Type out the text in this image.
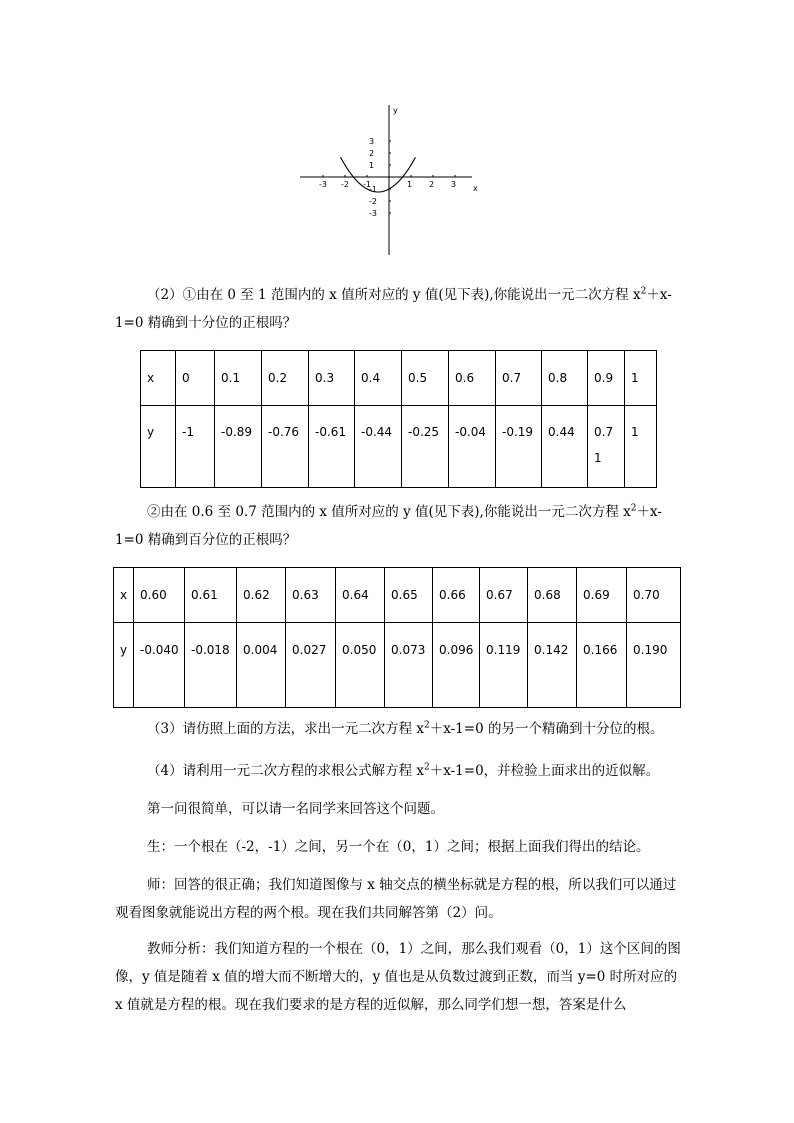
y
x
-1
-2
-3	1 2 3
3
2
1
-1
-2
-3

（2）①由在 0 至 1 范围内的 x 值所对应的 y 值(见下表),你能说出一元二次方程 $x^2+x-1=0$ 精确到十分位的正根吗？

x	0	0.1	0.2	0.3	0.4	0.5	0.6	0.7	0.8	0.9	1
y	-1	-0.89	-0.76	-0.61	-0.44	-0.25	-0.04	-0.19	0.44	0.71	1

②由在 0.6 至 0.7 范围内的 x 值所对应的 y 值(见下表),你能说出一元二次方程 $x^2+x-1=0$ 精确到百分位的正根吗？

x	0.60	0.61	0.62	0.63	0.64	0.65	0.66	0.67	0.68	0.69	0.70
y	-0.040	-0.018	0.004	0.027	0.050	0.073	0.096	0.119	0.142	0.166	0.190

（3）请仿照上面的方法，求出一元二次方程 $x^2+x-1=0$ 的另一个精确到十分位的根。

（4）请利用一元二次方程的求根公式解方程 $x^2+x-1=0$，并检验上面求出的近似解。

第一问很简单，可以请一名同学来回答这个问题。

生：一个根在（-2，-1）之间，另一个在（0，1）之间；根据上面我们得出的结论。

师：回答的很正确；我们知道图像与 x 轴交点的横坐标就是方程的根，所以我们可以通过观看图象就能说出方程的两个根。现在我们共同解答第（2）问。

教师分析：我们知道方程的一个根在（0，1）之间，那么我们观看（0，1）这个区间的图像，y 值是随着 x 值的增大而不断增大的，y 值也是从负数过渡到正数，而当 y=0 时所对应的 x 值就是方程的根。现在我们要求的是方程的近似解，那么同学们想一想，答案是什么
